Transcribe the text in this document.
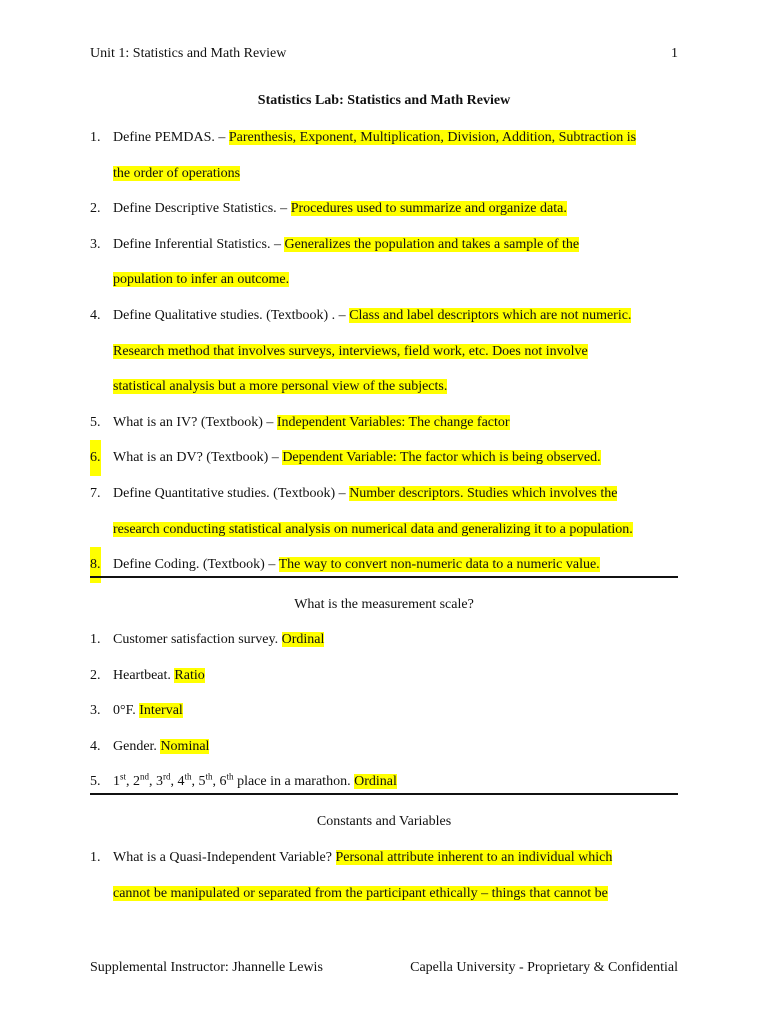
Unit 1: Statistics and Math Review	1
Statistics Lab: Statistics and Math Review
1. Define PEMDAS. – Parenthesis, Exponent, Multiplication, Division, Addition, Subtraction is
the order of operations
2. Define Descriptive Statistics. – Procedures used to summarize and organize data.
3. Define Inferential Statistics. – Generalizes the population and takes a sample of the
population to infer an outcome.
4. Define Qualitative studies. (Textbook) . – Class and label descriptors which are not numeric.
Research method that involves surveys, interviews, field work, etc. Does not involve
statistical analysis but a more personal view of the subjects.
5. What is an IV? (Textbook) – Independent Variables: The change factor
6. What is an DV? (Textbook) – Dependent Variable: The factor which is being observed.
7. Define Quantitative studies. (Textbook) – Number descriptors. Studies which involves the
research conducting statistical analysis on numerical data and generalizing it to a population.
8. Define Coding. (Textbook) – The way to convert non-numeric data to a numeric value.
What is the measurement scale?
1. Customer satisfaction survey. Ordinal
2. Heartbeat. Ratio
3. 0°F. Interval
4. Gender. Nominal
5. 1st, 2nd, 3rd, 4th, 5th, 6th place in a marathon. Ordinal
Constants and Variables
1. What is a Quasi-Independent Variable? Personal attribute inherent to an individual which
cannot be manipulated or separated from the participant ethically – things that cannot be
Supplemental Instructor: Jhannelle Lewis	Capella University - Proprietary & Confidential
